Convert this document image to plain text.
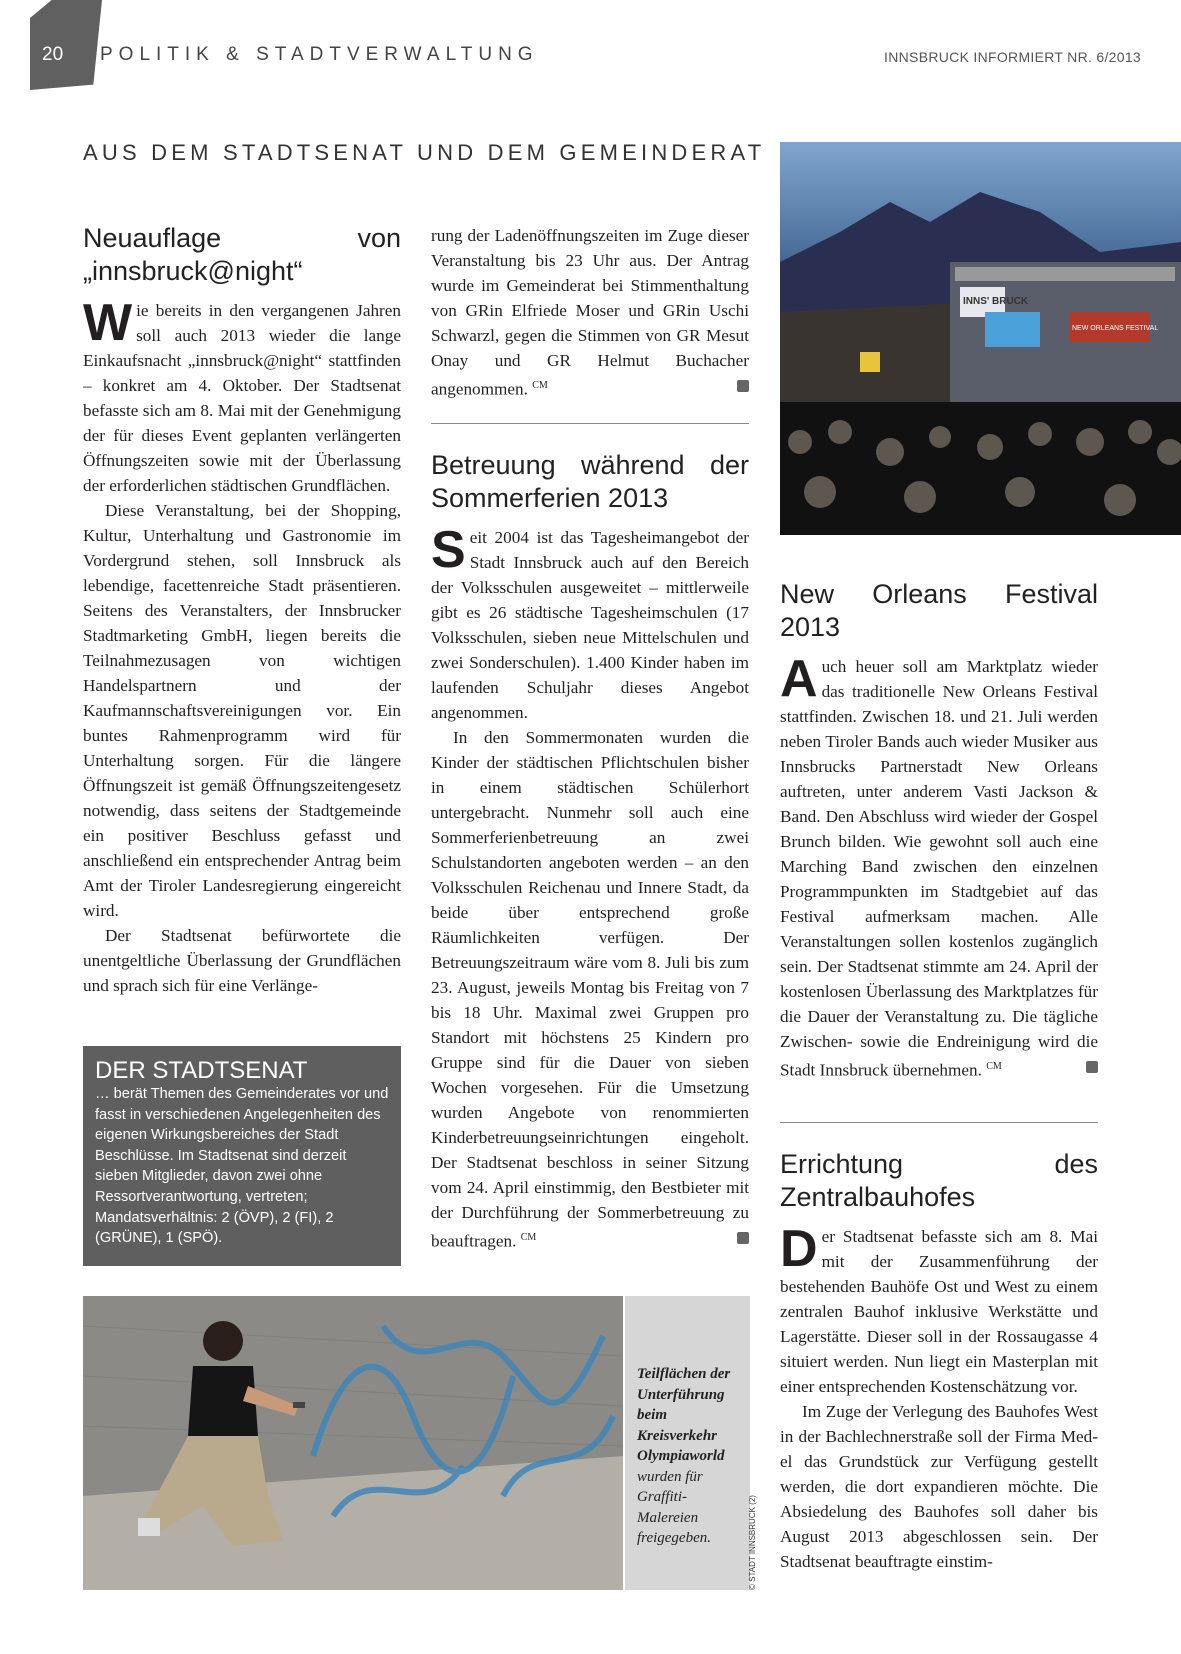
20 POLITIK & STADTVERWALTUNG	INNSBRUCK INFORMIERT NR. 6/2013
AUS DEM STADTSENAT UND DEM GEMEINDERAT
Neuauflage von „innsbruck@night“

Wie bereits in den vergangenen Jahren soll auch 2013 wieder die lange Einkaufsnacht „innsbruck@night“ stattfinden – konkret am 4. Oktober. Der Stadtsenat befasste sich am 8. Mai mit der Genehmigung der für dieses Event geplanten verlängerten Öffnungszeiten sowie mit der Überlassung der erforderlichen städtischen Grundflächen.

Diese Veranstaltung, bei der Shopping, Kultur, Unterhaltung und Gastronomie im Vordergrund stehen, soll Innsbruck als lebendige, facettenreiche Stadt präsentieren. Seitens des Veranstalters, der Innsbrucker Stadtmarketing GmbH, liegen bereits die Teilnahmezusagen von wichtigen Handelspartnern und der Kaufmannschaftsvereinigungen vor. Ein buntes Rahmenprogramm wird für Unterhaltung sorgen. Für die längere Öffnungszeit ist gemäß Öffnungszeitengesetz notwendig, dass seitens der Stadtgemeinde ein positiver Beschluss gefasst und anschließend ein entsprechender Antrag beim Amt der Tiroler Landesregierung eingereicht wird.

Der Stadtsenat befürwortete die unentgeltliche Überlassung der Grundflächen und sprach sich für eine Verlänge-

DER STADTSENAT

… berät Themen des Gemeinderates vor und fasst in verschiedenen Angelegenheiten des eigenen Wirkungsbereiches der Stadt Beschlüsse. Im Stadtsenat sind derzeit sieben Mitglieder, davon zwei ohne Ressortverantwortung, vertreten; Mandatsverhältnis: 2 (ÖVP), 2 (FI), 2 (GRÜNE), 1 (SPÖ).

rung der Ladenöffnungszeiten im Zuge dieser Veranstaltung bis 23 Uhr aus. Der Antrag wurde im Gemeinderat bei Stimmenthaltung von GRin Elfriede Moser und GRin Uschi Schwarzl, gegen die Stimmen von GR Mesut Onay und GR Helmut Buchacher angenommen. $^{CM}$

Betreuung während der Sommerferien 2013

Seit 2004 ist das Tagesheimangebot der Stadt Innsbruck auch auf den Bereich der Volksschulen ausgeweitet – mittlerweile gibt es 26 städtische Tagesheimschulen (17 Volksschulen, sieben neue Mittelschulen und zwei Sonderschulen). 1.400 Kinder haben im laufenden Schuljahr dieses Angebot angenommen.

In den Sommermonaten wurden die Kinder der städtischen Pflichtschulen bisher in einem städtischen Schülerhort untergebracht. Nunmehr soll auch eine Sommerferienbetreuung an zwei Schulstandorten angeboten werden – an den Volksschulen Reichenau und Innere Stadt, da beide über entsprechend große Räumlichkeiten verfügen. Der Betreuungszeitraum wäre vom 8. Juli bis zum 23. August, jeweils Montag bis Freitag von 7 bis 18 Uhr. Maximal zwei Gruppen pro Standort mit höchstens 25 Kindern pro Gruppe sind für die Dauer von sieben Wochen vorgesehen. Für die Umsetzung wurden Angebote von renommierten Kinderbetreuungseinrichtungen eingeholt. Der Stadtsenat beschloss in seiner Sitzung vom 24. April einstimmig, den Bestbieter mit der Durchführung der Sommerbetreuung zu beauftragen. $^{CM}$

Teilflächen der Unterführung beim Kreisverkehr Olympiaworld wurden für Graffiti-Malereien freigegeben.	© STADT INNSBRUCK (2)
INNS' BRUCK
NEW ORLEANS FESTIVAL
New Orleans Festival 2013

Auch heuer soll am Marktplatz wieder das traditionelle New Orleans Festival stattfinden. Zwischen 18. und 21. Juli werden neben Tiroler Bands auch wieder Musiker aus Innsbrucks Partnerstadt New Orleans auftreten, unter anderem Vasti Jackson & Band. Den Abschluss wird wieder der Gospel Brunch bilden. Wie gewohnt soll auch eine Marching Band zwischen den einzelnen Programmpunkten im Stadtgebiet auf das Festival aufmerksam machen. Alle Veranstaltungen sollen kostenlos zugänglich sein. Der Stadtsenat stimmte am 24. April der kostenlosen Überlassung des Marktplatzes für die Dauer der Veranstaltung zu. Die tägliche Zwischen- sowie die Endreinigung wird die Stadt Innsbruck übernehmen. $^{CM}$

Errichtung des Zentralbauhofes

Der Stadtsenat befasste sich am 8. Mai mit der Zusammenführung der bestehenden Bauhöfe Ost und West zu einem zentralen Bauhof inklusive Werkstätte und Lagerstätte. Dieser soll in der Rossaugasse 4 situiert werden. Nun liegt ein Masterplan mit einer entsprechenden Kostenschätzung vor.

Im Zuge der Verlegung des Bauhofes West in der Bachlechnerstraße soll der Firma Med-el das Grundstück zur Verfügung gestellt werden, die dort expandieren möchte. Die Absiedelung des Bauhofes soll daher bis August 2013 abgeschlossen sein. Der Stadtsenat beauftragte einstim-
